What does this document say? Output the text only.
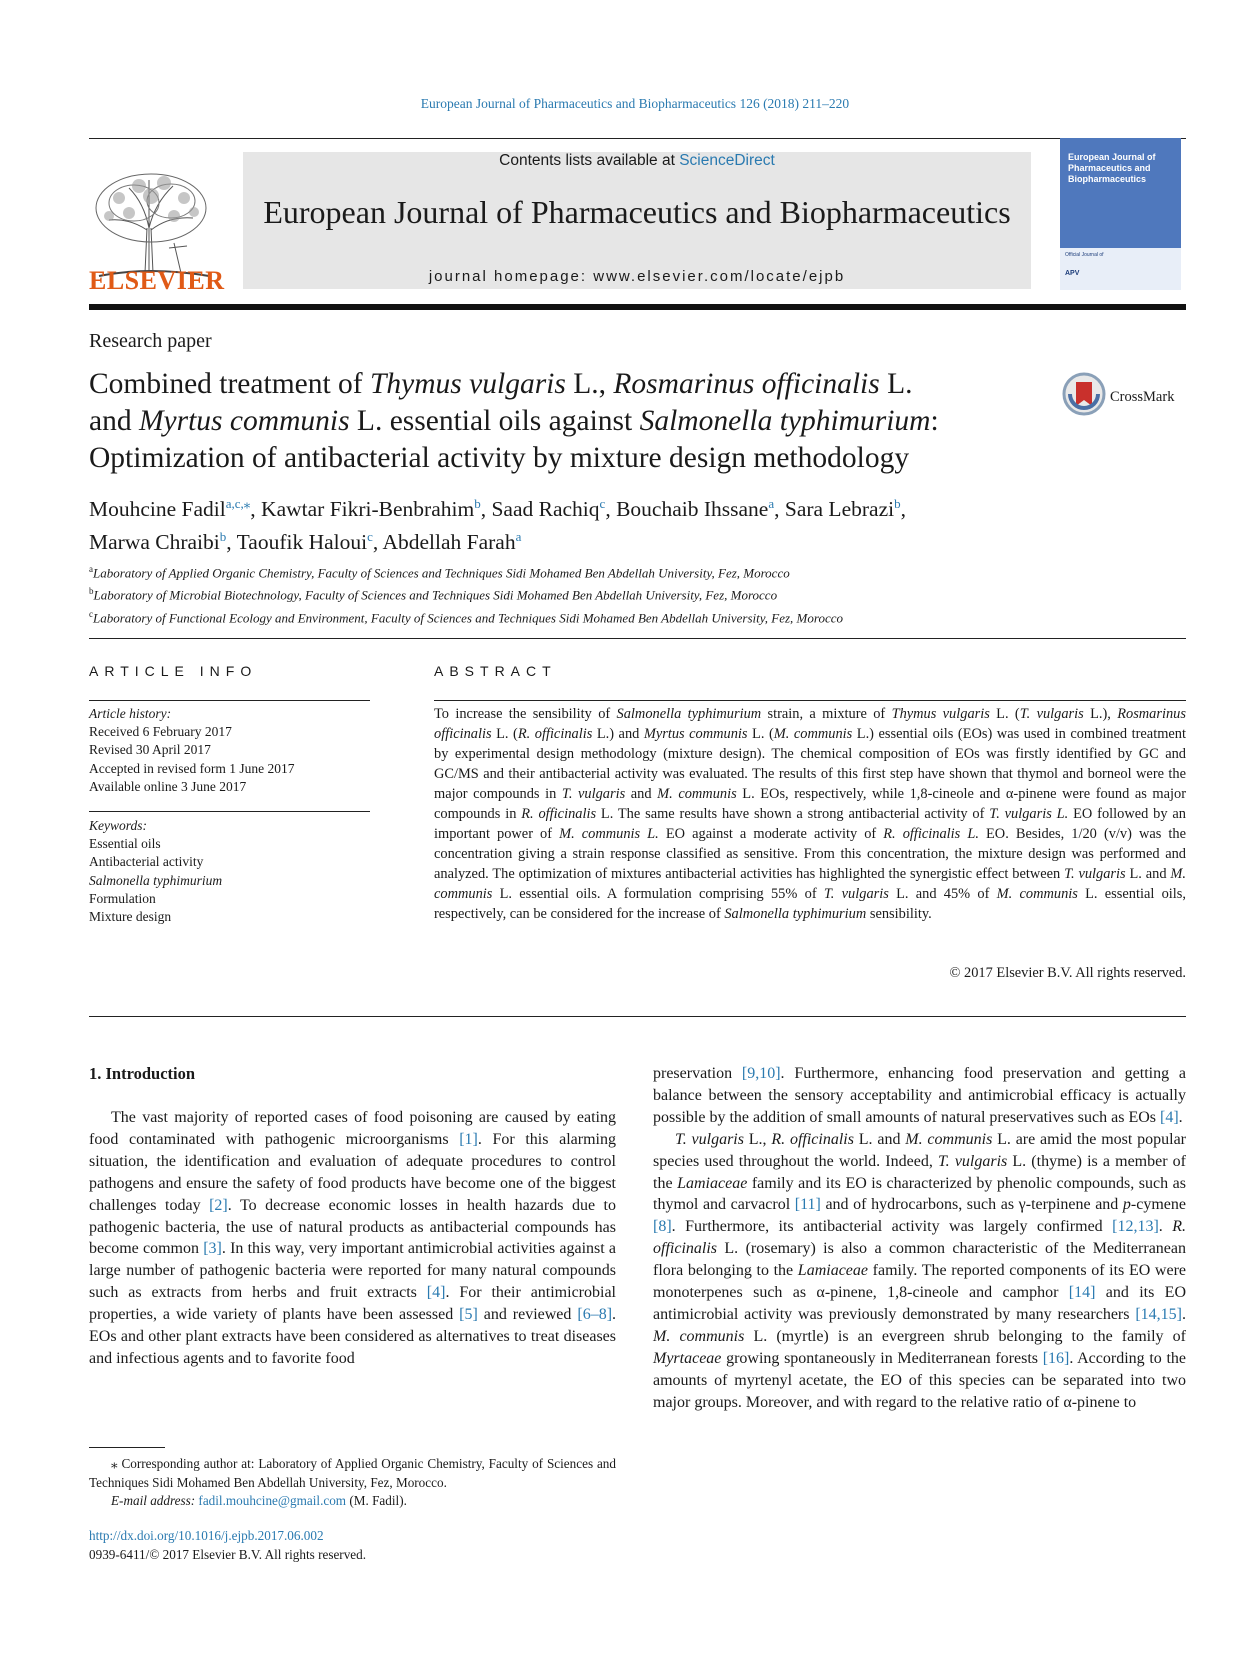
European Journal of Pharmaceutics and Biopharmaceutics 126 (2018) 211–220
ELSEVIER
Contents lists available at ScienceDirect
European Journal of Pharmaceutics and Biopharmaceutics
journal homepage: www.elsevier.com/locate/ejpb
European Journal of Pharmaceutics and Biopharmaceutics
Official Journal of
APV
Research paper
Combined treatment of Thymus vulgaris L., Rosmarinus officinalis L.
and Myrtus communis L. essential oils against Salmonella typhimurium:
Optimization of antibacterial activity by mixture design methodology
CrossMark
Mouhcine Fadil$^{a,c,⁎}$, Kawtar Fikri-Benbrahim$^b$, Saad Rachiq$^c$, Bouchaib Ihssane$^a$, Sara Lebrazi$^b$,
Marwa Chraibi$^b$, Taoufik Haloui$^c$, Abdellah Farah$^a$
$^a$Laboratory of Applied Organic Chemistry, Faculty of Sciences and Techniques Sidi Mohamed Ben Abdellah University, Fez, Morocco
$^b$Laboratory of Microbial Biotechnology, Faculty of Sciences and Techniques Sidi Mohamed Ben Abdellah University, Fez, Morocco
$^c$Laboratory of Functional Ecology and Environment, Faculty of Sciences and Techniques Sidi Mohamed Ben Abdellah University, Fez, Morocco
ARTICLE INFO
Article history:
Received 6 February 2017
Revised 30 April 2017
Accepted in revised form 1 June 2017
Available online 3 June 2017
Keywords:
Essential oils
Antibacterial activity
Salmonella typhimurium
Formulation
Mixture design
ABSTRACT
To increase the sensibility of Salmonella typhimurium strain, a mixture of Thymus vulgaris L. (T. vulgaris L.), Rosmarinus officinalis L. (R. officinalis L.) and Myrtus communis L. (M. communis L.) essential oils (EOs) was used in combined treatment by experimental design methodology (mixture design). The chemical composition of EOs was firstly identified by GC and GC/MS and their antibacterial activity was evaluated. The results of this first step have shown that thymol and borneol were the major compounds in T. vulgaris and M. communis L. EOs, respectively, while 1,8-cineole and α-pinene were found as major compounds in R. officinalis L. The same results have shown a strong antibacterial activity of T. vulgaris L. EO followed by an important power of M. communis L. EO against a moderate activity of R. officinalis L. EO. Besides, 1/20 (v/v) was the concentration giving a strain response classified as sensitive. From this concentration, the mixture design was performed and analyzed. The optimization of mixtures antibacterial activities has highlighted the synergistic effect between T. vulgaris L. and M. communis L. essential oils. A formulation comprising 55% of T. vulgaris L. and 45% of M. communis L. essential oils, respectively, can be considered for the increase of Salmonella typhimurium sensibility.
© 2017 Elsevier B.V. All rights reserved.
1. Introduction

The vast majority of reported cases of food poisoning are caused by eating food contaminated with pathogenic microorganisms [1]. For this alarming situation, the identification and evaluation of adequate procedures to control pathogens and ensure the safety of food products have become one of the biggest challenges today [2]. To decrease economic losses in health hazards due to pathogenic bacteria, the use of natural products as antibacterial compounds has become common [3]. In this way, very important antimicrobial activities against a large number of pathogenic bacteria were reported for many natural compounds such as extracts from herbs and fruit extracts [4]. For their antimicrobial properties, a wide variety of plants have been assessed [5] and reviewed [6–8]. EOs and other plant extracts have been considered as alternatives to treat diseases and infectious agents and to favorite food

preservation [9,10]. Furthermore, enhancing food preservation and getting a balance between the sensory acceptability and antimicrobial efficacy is actually possible by the addition of small amounts of natural preservatives such as EOs [4].

T. vulgaris L., R. officinalis L. and M. communis L. are amid the most popular species used throughout the world. Indeed, T. vulgaris L. (thyme) is a member of the Lamiaceae family and its EO is characterized by phenolic compounds, such as thymol and carvacrol [11] and of hydrocarbons, such as γ-terpinene and p-cymene [8]. Furthermore, its antibacterial activity was largely confirmed [12,13]. R. officinalis L. (rosemary) is also a common characteristic of the Mediterranean flora belonging to the Lamiaceae family. The reported components of its EO were monoterpenes such as α-pinene, 1,8-cineole and camphor [14] and its EO antimicrobial activity was previously demonstrated by many researchers [14,15]. M. communis L. (myrtle) is an evergreen shrub belonging to the family of Myrtaceae growing spontaneously in Mediterranean forests [16]. According to the amounts of myrtenyl acetate, the EO of this species can be separated into two major groups. Moreover, and with regard to the relative ratio of α-pinene to

⁎ Corresponding author at: Laboratory of Applied Organic Chemistry, Faculty of Sciences and Techniques Sidi Mohamed Ben Abdellah University, Fez, Morocco.
E-mail address: fadil.mouhcine@gmail.com (M. Fadil).
http://dx.doi.org/10.1016/j.ejpb.2017.06.002
0939-6411/© 2017 Elsevier B.V. All rights reserved.
